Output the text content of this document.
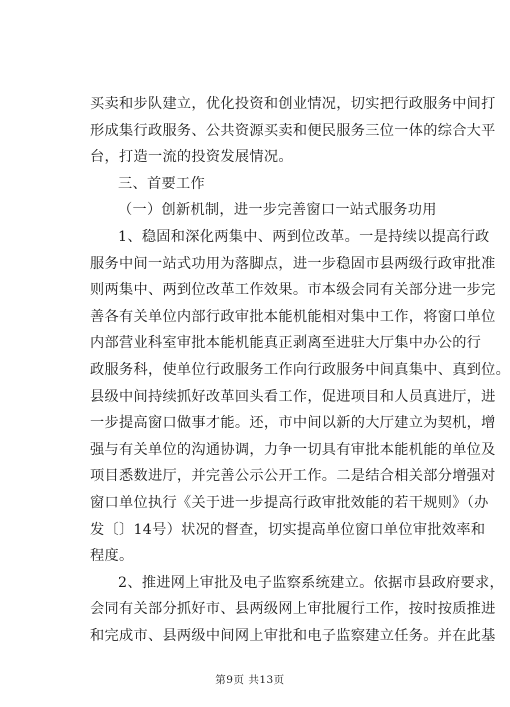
买卖和步队建立，优化投资和创业情况，切实把行政服务中间打
形成集行政服务、公共资源买卖和便民服务三位一体的综合大平
台，打造一流的投资发展情况。

三、首要工作

（一）创新机制，进一步完善窗口一站式服务功用

1、稳固和深化两集中、两到位改革。一是持续以提高行政
服务中间一站式功用为落脚点，进一步稳固市县两级行政审批准
则两集中、两到位改革工作效果。市本级会同有关部分进一步完
善各有关单位内部行政审批本能机能相对集中工作，将窗口单位
内部营业科室审批本能机能真正剥离至进驻大厅集中办公的行
政服务科，使单位行政服务工作向行政服务中间真集中、真到位。
县级中间持续抓好改革回头看工作，促进项目和人员真进厅，进
一步提高窗口做事才能。还，市中间以新的大厅建立为契机，增
强与有关单位的沟通协调，力争一切具有审批本能机能的单位及
项目悉数进厅，并完善公示公开工作。二是结合相关部分增强对
窗口单位执行《关于进一步提高行政审批效能的若干规则》（办
发〔〕14号）状况的督查，切实提高单位窗口单位审批效率和
程度。

2、推进网上审批及电子监察系统建立。依据市县政府要求，
会同有关部分抓好市、县两级网上审批履行工作，按时按质推进
和完成市、县两级中间网上审批和电子监察建立任务。并在此基

第9页 共13页
